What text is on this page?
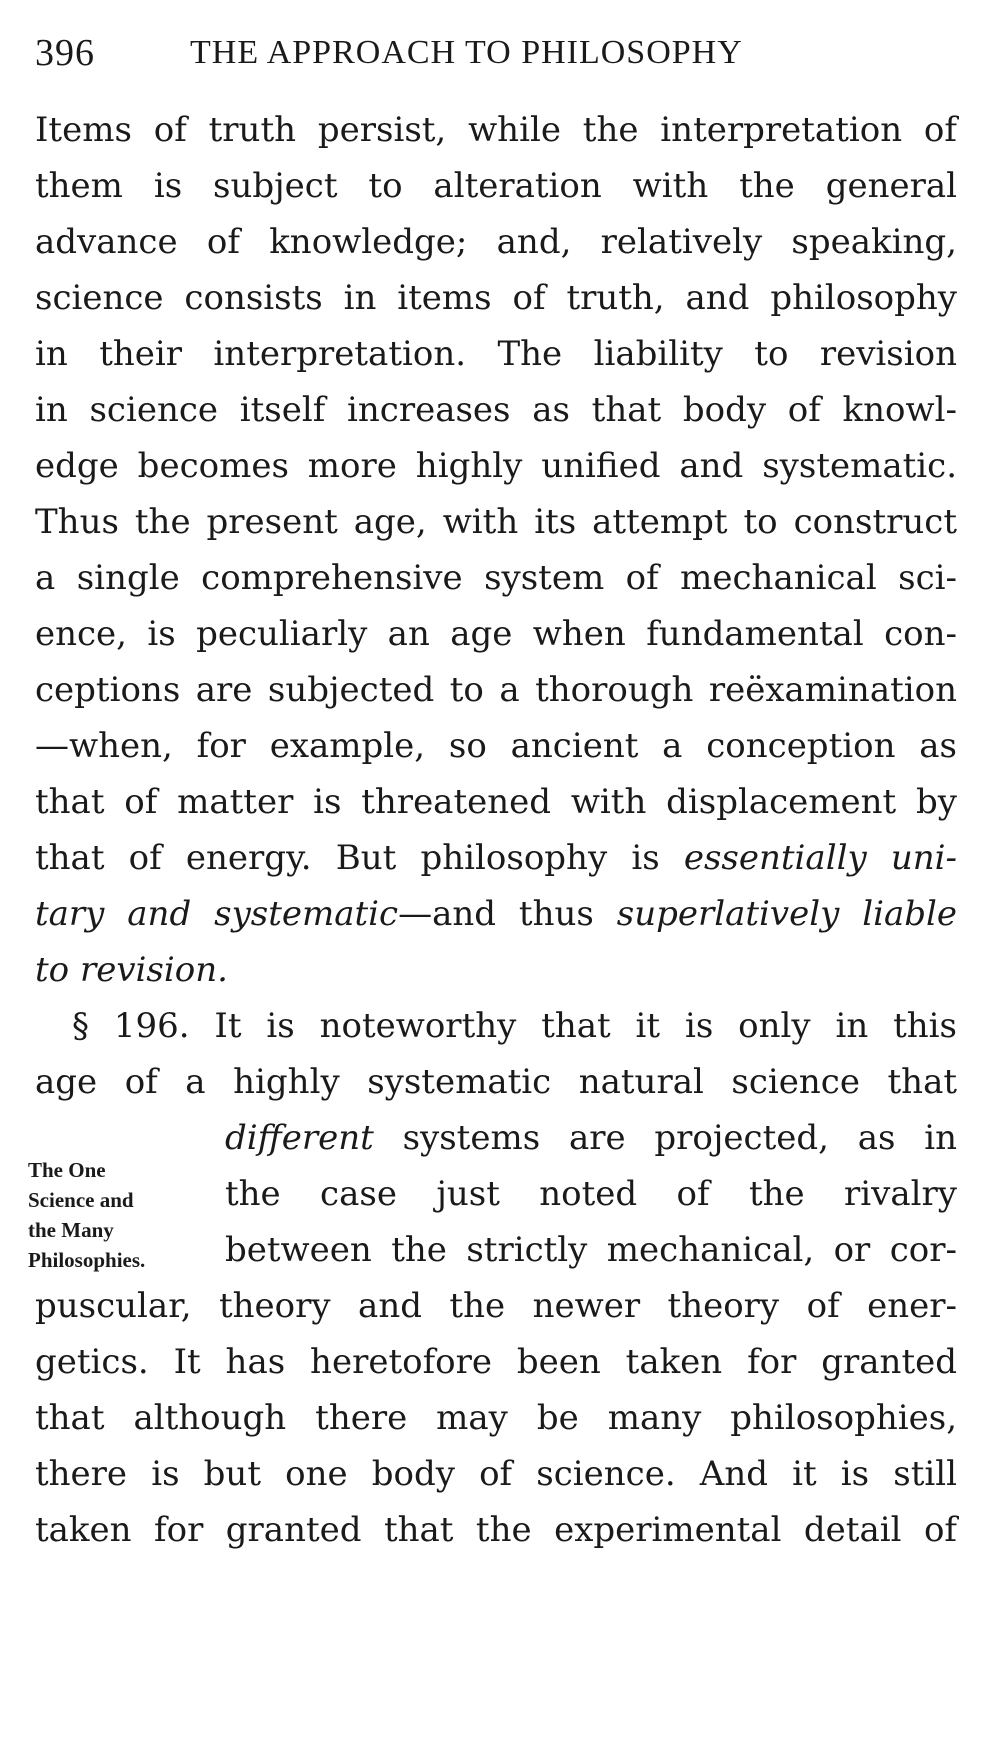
396	THE APPROACH TO PHILOSOPHY
Items of truth persist, while the interpretation of
them is subject to alteration with the general
advance of knowledge; and, relatively speaking,
science consists in items of truth, and philosophy
in their interpretation. The liability to revision
in science itself increases as that body of knowl-
edge becomes more highly unified and systematic.
Thus the present age, with its attempt to construct
a single comprehensive system of mechanical sci-
ence, is peculiarly an age when fundamental con-
ceptions are subjected to a thorough reëxamination
—when, for example, so ancient a conception as
that of matter is threatened with displacement by
that of energy. But philosophy is essentially uni-
tary and systematic—and thus superlatively liable
to revision.
§ 196. It is noteworthy that it is only in this
age of a highly systematic natural science that
different systems are projected, as in
the case just noted of the rivalry
between the strictly mechanical, or cor-
puscular, theory and the newer theory of ener-
getics. It has heretofore been taken for granted
that although there may be many philosophies,
there is but one body of science. And it is still
taken for granted that the experimental detail of
The One
Science and
the Many
Philosophies.
